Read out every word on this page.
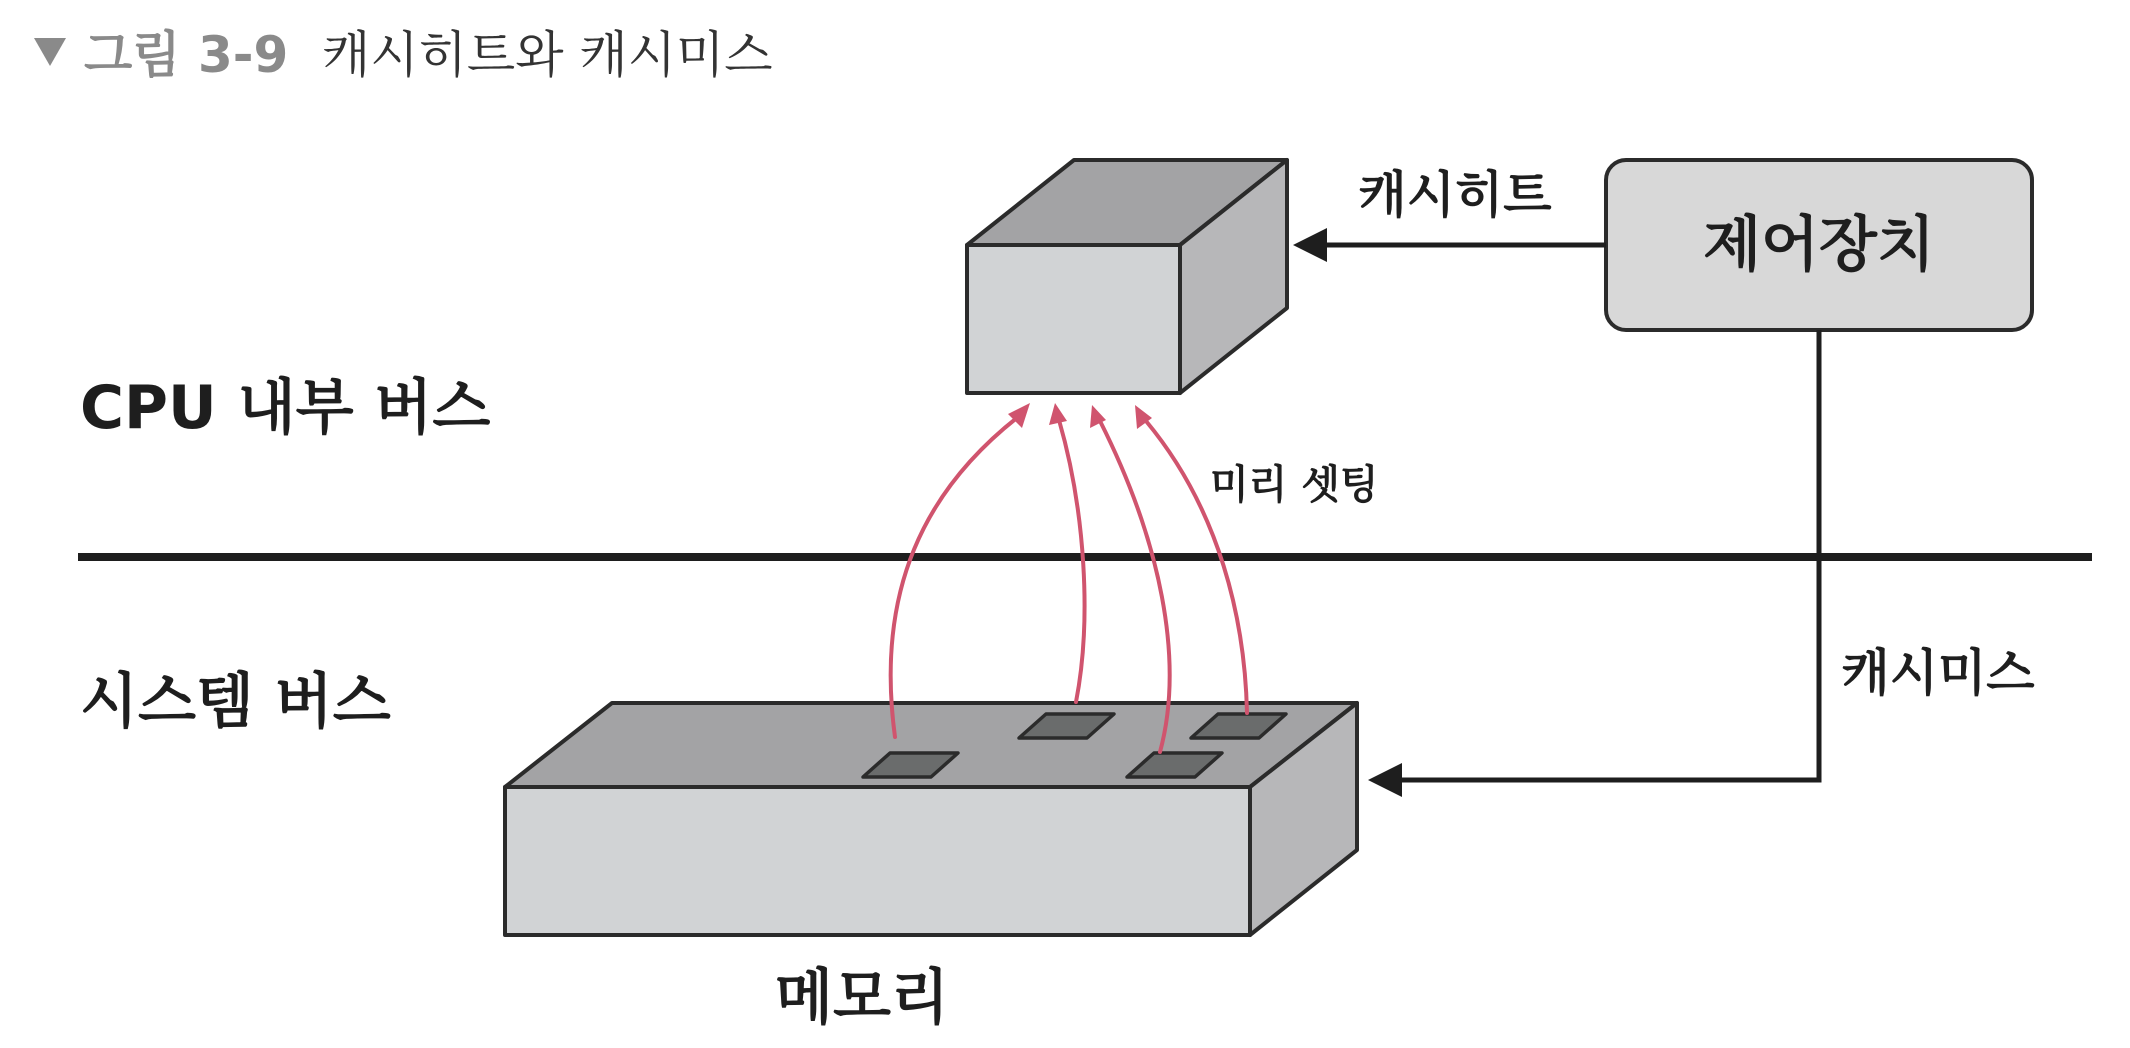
그림 3-9 캐시히트와 캐시미스
CPU 내부 버스
시스템 버스
제어장치
캐시히트
캐시미스
메모리
미리 셋팅
